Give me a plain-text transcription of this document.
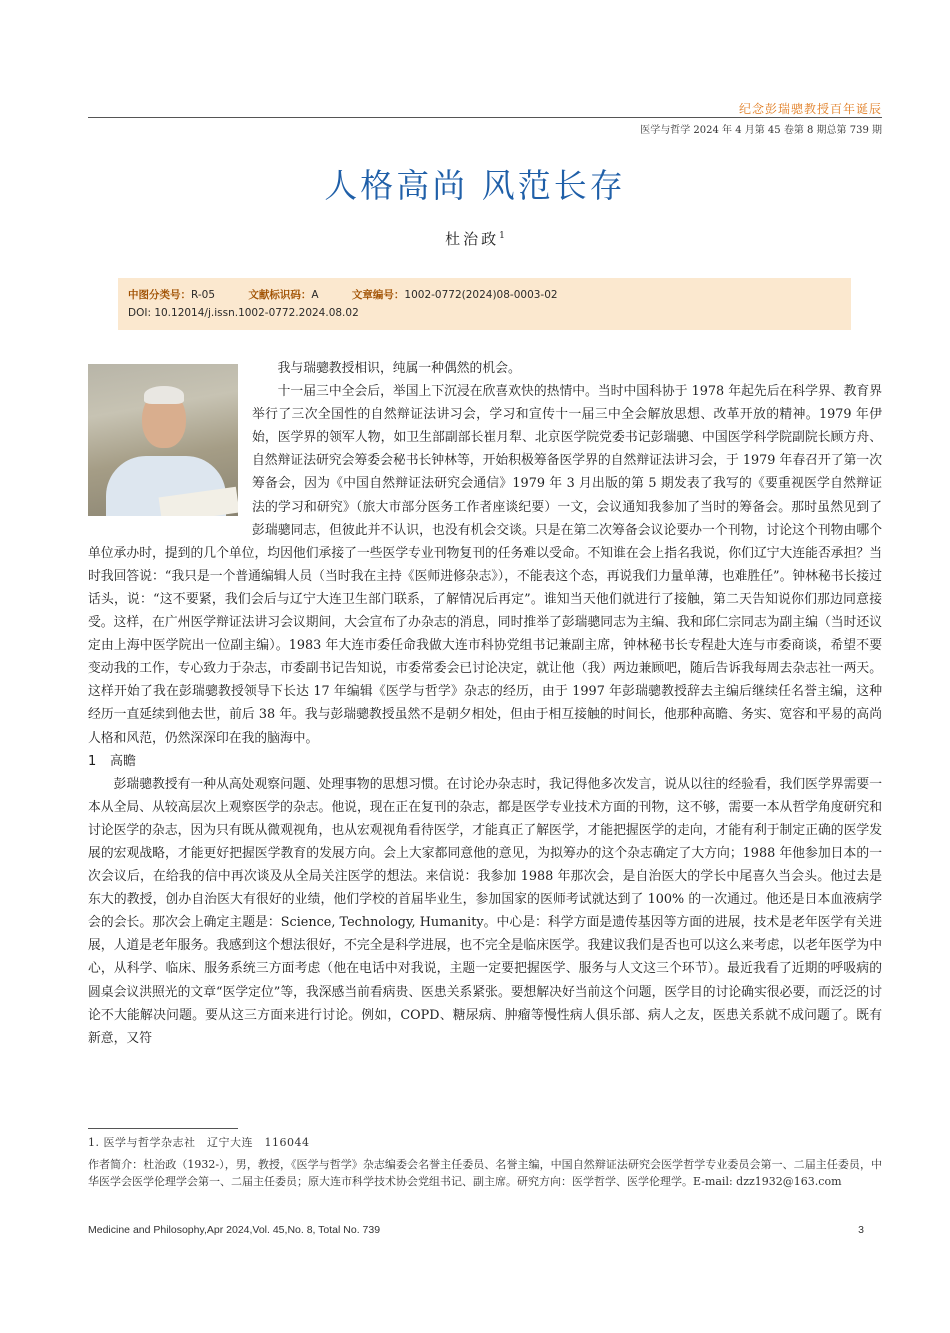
纪念彭瑞骢教授百年诞辰
医学与哲学 2024 年 4 月第 45 卷第 8 期总第 739 期
人格高尚 风范长存
杜治政$^1$
中图分类号：R-05	文献标识码：A	文章编号：1002-0772(2024)08-0003-02
DOI: 10.12014/j.issn.1002-0772.2024.08.02

我与瑞骢教授相识，纯属一种偶然的机会。

十一届三中全会后，举国上下沉浸在欣喜欢快的热情中。当时中国科协于 1978 年起先后在科学界、教育界举行了三次全国性的自然辩证法讲习会，学习和宣传十一届三中全会解放思想、改革开放的精神。1979 年伊始，医学界的领军人物，如卫生部副部长崔月犁、北京医学院党委书记彭瑞骢、中国医学科学院副院长顾方舟、自然辩证法研究会筹委会秘书长钟林等，开始积极筹备医学界的自然辩证法讲习会，于 1979 年春召开了第一次筹备会，因为《中国自然辩证法研究会通信》1979 年 3 月出版的第 5 期发表了我写的《要重视医学自然辩证法的学习和研究》（旅大市部分医务工作者座谈纪要）一文，会议通知我参加了当时的筹备会。那时虽然见到了彭瑞骢同志，但彼此并不认识，也没有机会交谈。只是在第二次筹备会议论要办一个刊物，讨论这个刊物由哪个单位承办时，提到的几个单位，均因他们承接了一些医学专业刊物复刊的任务难以受命。不知谁在会上指名我说，你们辽宁大连能否承担？当时我回答说：“我只是一个普通编辑人员（当时我在主持《医师进修杂志》），不能表这个态，再说我们力量单薄，也难胜任”。钟林秘书长接过话头，说：“这不要紧，我们会后与辽宁大连卫生部门联系，了解情况后再定”。谁知当天他们就进行了接触，第二天告知说你们那边同意接受。这样，在广州医学辩证法讲习会议期间，大会宣布了办杂志的消息，同时推举了彭瑞骢同志为主编、我和邱仁宗同志为副主编（当时还议定由上海中医学院出一位副主编）。1983 年大连市委任命我做大连市科协党组书记兼副主席，钟林秘书长专程赴大连与市委商谈，希望不要变动我的工作，专心致力于杂志，市委副书记告知说，市委常委会已讨论决定，就让他（我）两边兼顾吧，随后告诉我每周去杂志社一两天。这样开始了我在彭瑞骢教授领导下长达 17 年编辑《医学与哲学》杂志的经历，由于 1997 年彭瑞骢教授辞去主编后继续任名誉主编，这种经历一直延续到他去世，前后 38 年。我与彭瑞骢教授虽然不是朝夕相处，但由于相互接触的时间长，他那种高瞻、务实、宽容和平易的高尚人格和风范，仍然深深印在我的脑海中。

1 高瞻

彭瑞骢教授有一种从高处观察问题、处理事物的思想习惯。在讨论办杂志时，我记得他多次发言，说从以往的经验看，我们医学界需要一本从全局、从较高层次上观察医学的杂志。他说，现在正在复刊的杂志，都是医学专业技术方面的刊物，这不够，需要一本从哲学角度研究和讨论医学的杂志，因为只有既从微观视角，也从宏观视角看待医学，才能真正了解医学，才能把握医学的走向，才能有利于制定正确的医学发展的宏观战略，才能更好把握医学教育的发展方向。会上大家都同意他的意见，为拟筹办的这个杂志确定了大方向；1988 年他参加日本的一次会议后，在给我的信中再次谈及从全局关注医学的想法。来信说：我参加 1988 年那次会，是自治医大的学长中尾喜久当会头。他过去是东大的教授，创办自治医大有很好的业绩，他们学校的首届毕业生，参加国家的医师考试就达到了 100% 的一次通过。他还是日本血液病学会的会长。那次会上确定主题是：Science, Technology, Humanity。中心是：科学方面是遗传基因等方面的进展，技术是老年医学有关进展，人道是老年服务。我感到这个想法很好，不完全是科学进展，也不完全是临床医学。我建议我们是否也可以这么来考虑，以老年医学为中心，从科学、临床、服务系统三方面考虑（他在电话中对我说，主题一定要把握医学、服务与人文这三个环节）。最近我看了近期的呼吸病的圆桌会议洪照光的文章“医学定位”等，我深感当前看病贵、医患关系紧张。要想解决好当前这个问题，医学目的讨论确实很必要，而泛泛的讨论不大能解决问题。要从这三方面来进行讨论。例如，COPD、糖尿病、肿瘤等慢性病人俱乐部、病人之友，医患关系就不成问题了。既有新意，又符

1. 医学与哲学杂志社　辽宁大连　116044
作者简介：杜治政（1932-），男，教授，《医学与哲学》杂志编委会名誉主任委员、名誉主编，中国自然辩证法研究会医学哲学专业委员会第一、二届主任委员，中华医学会医学伦理学会第一、二届主任委员；原大连市科学技术协会党组书记、副主席。研究方向：医学哲学、医学伦理学。E-mail: dzz1932@163.com
Medicine and Philosophy,Apr 2024,Vol. 45,No. 8, Total No. 739	3
